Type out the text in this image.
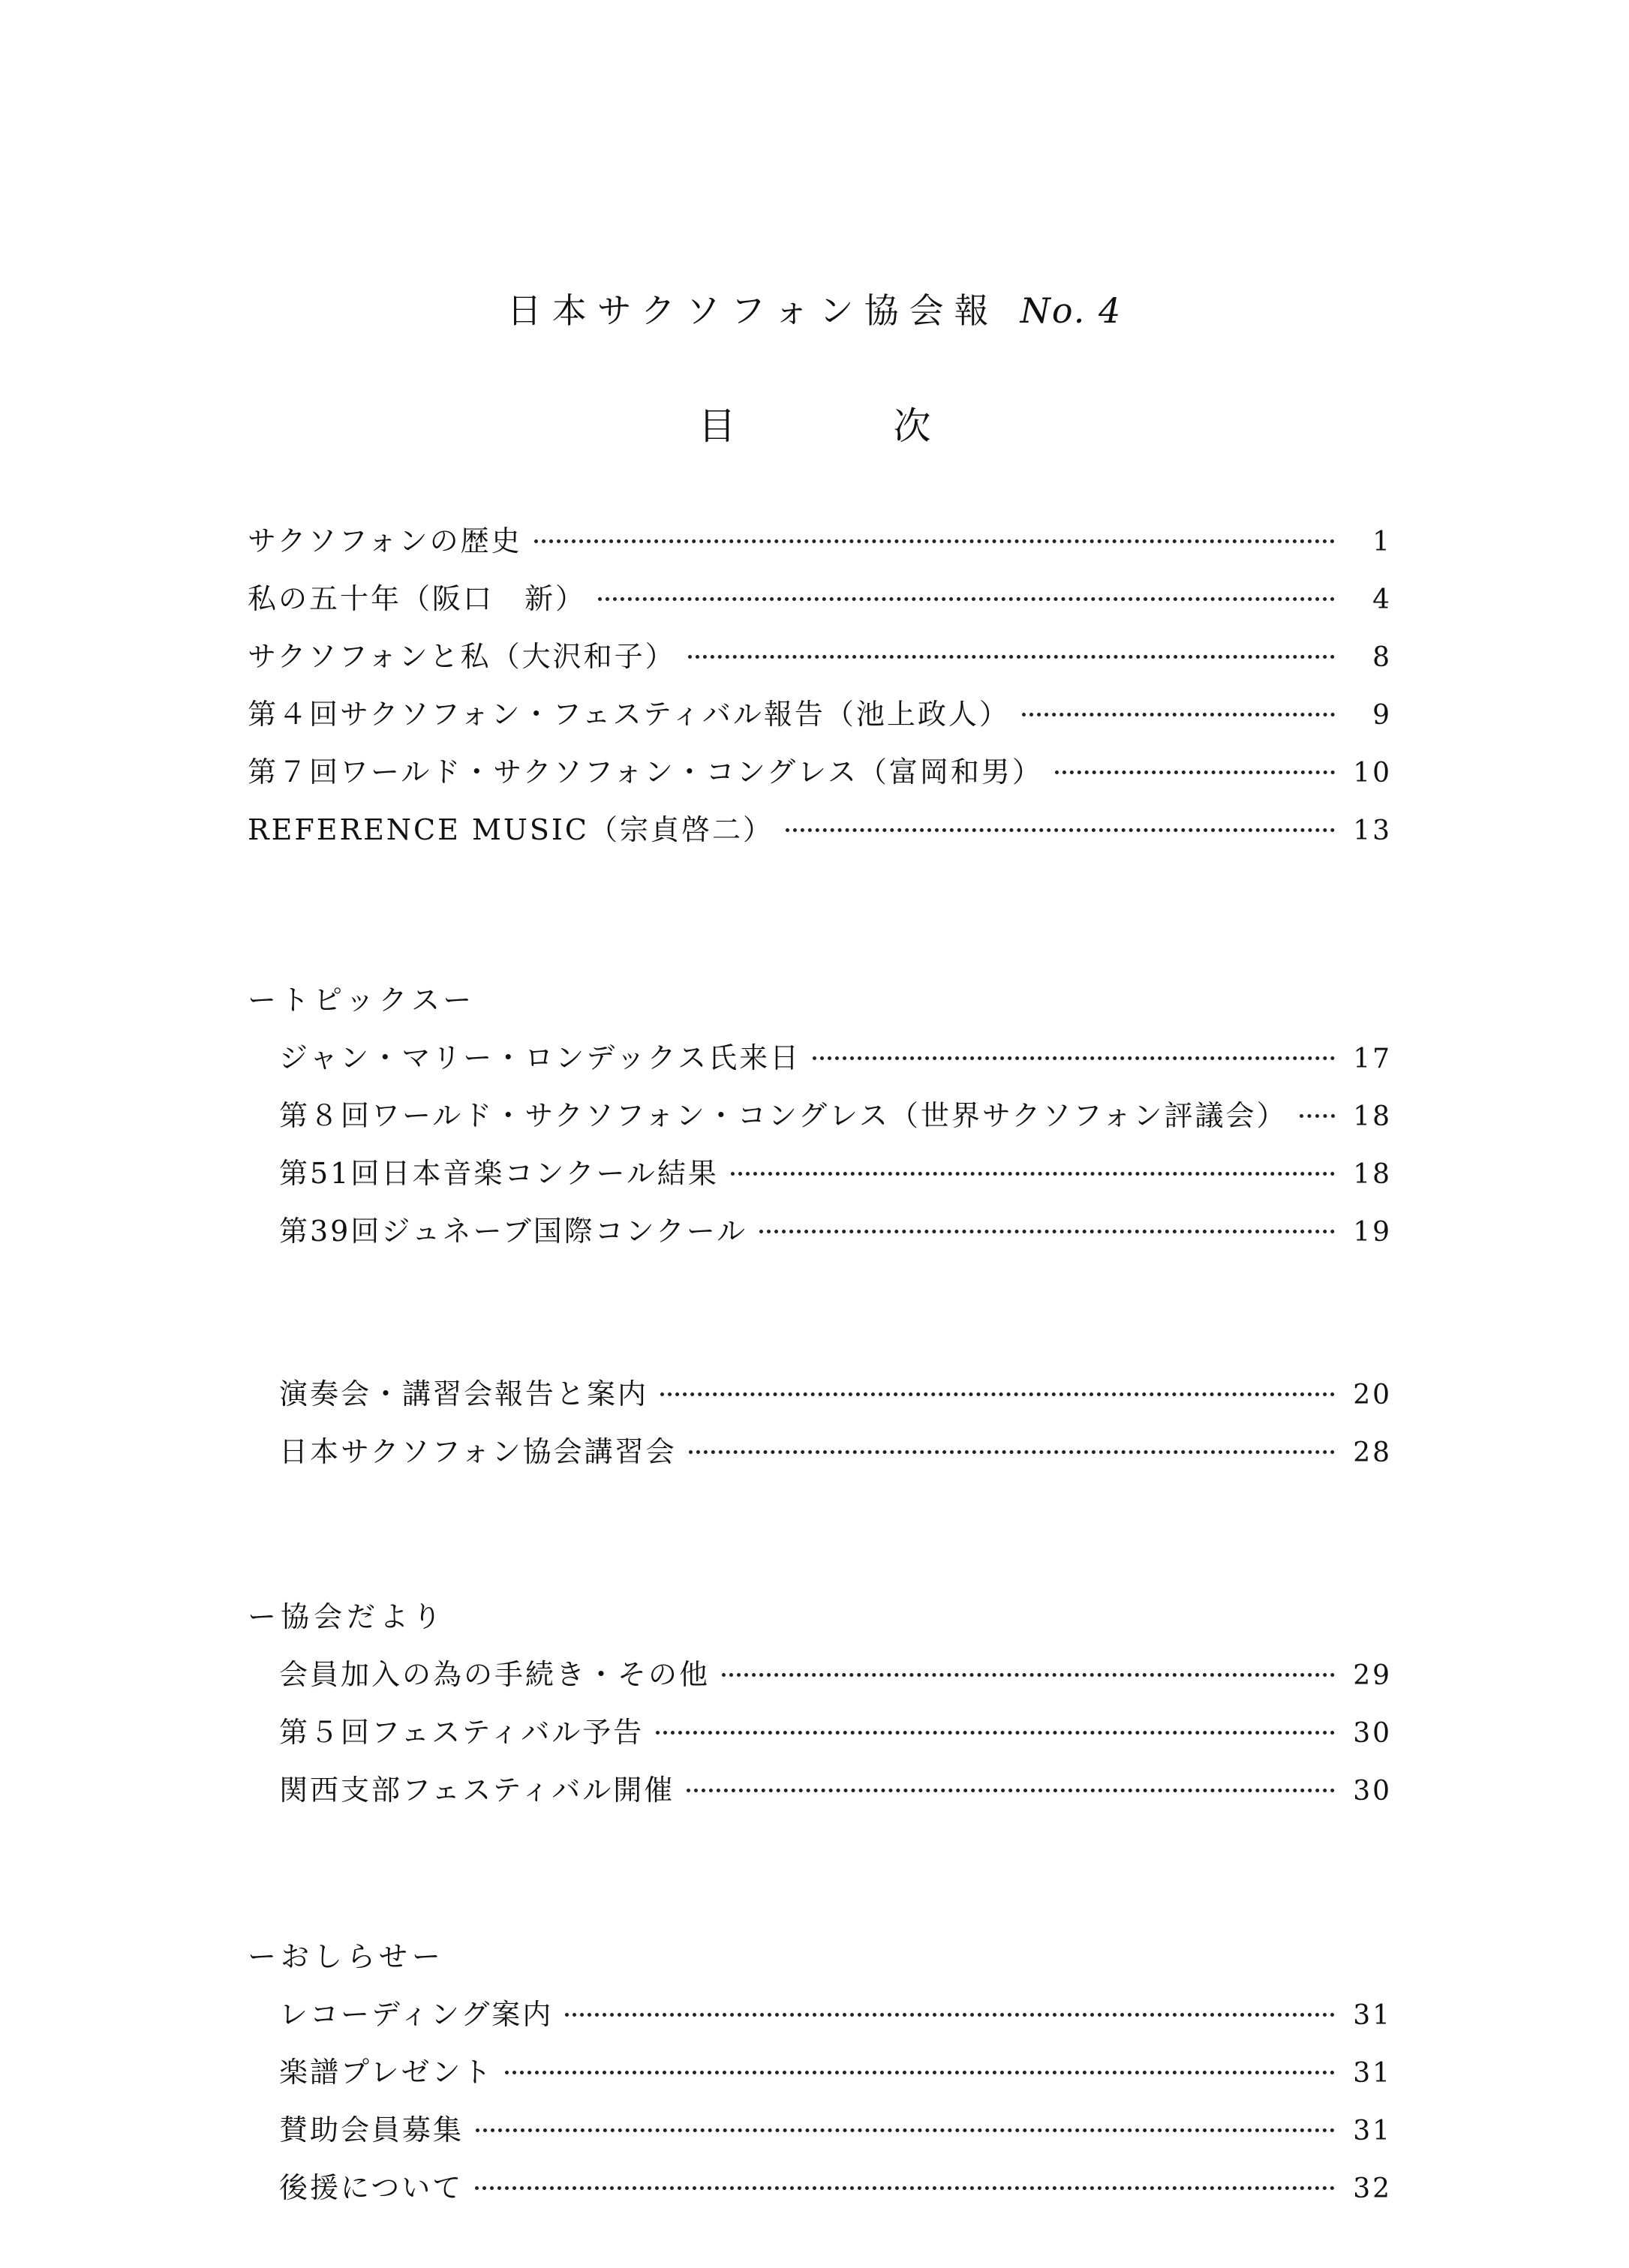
日本サクソフォン協会報 No. 4
目	次
サクソフォンの歴史	1
私の五十年（阪口　新）	4
サクソフォンと私（大沢和子）	8
第４回サクソフォン・フェスティバル報告（池上政人）	9
第７回ワールド・サクソフォン・コングレス（富岡和男）	10
REFERENCE MUSIC（宗貞啓二）	13
ートピックスー
ジャン・マリー・ロンデックス氏来日	17
第８回ワールド・サクソフォン・コングレス（世界サクソフォン評議会） 18
第51回日本音楽コンクール結果	18
第39回ジュネーブ国際コンクール	19
演奏会・講習会報告と案内	20
日本サクソフォン協会講習会	28
ー協会だより
会員加入の為の手続き・その他	29
第５回フェスティバル予告	30
関西支部フェスティバル開催	30
ーおしらせー
レコーディング案内	31
楽譜プレゼント	31
賛助会員募集	31
後援について	32
